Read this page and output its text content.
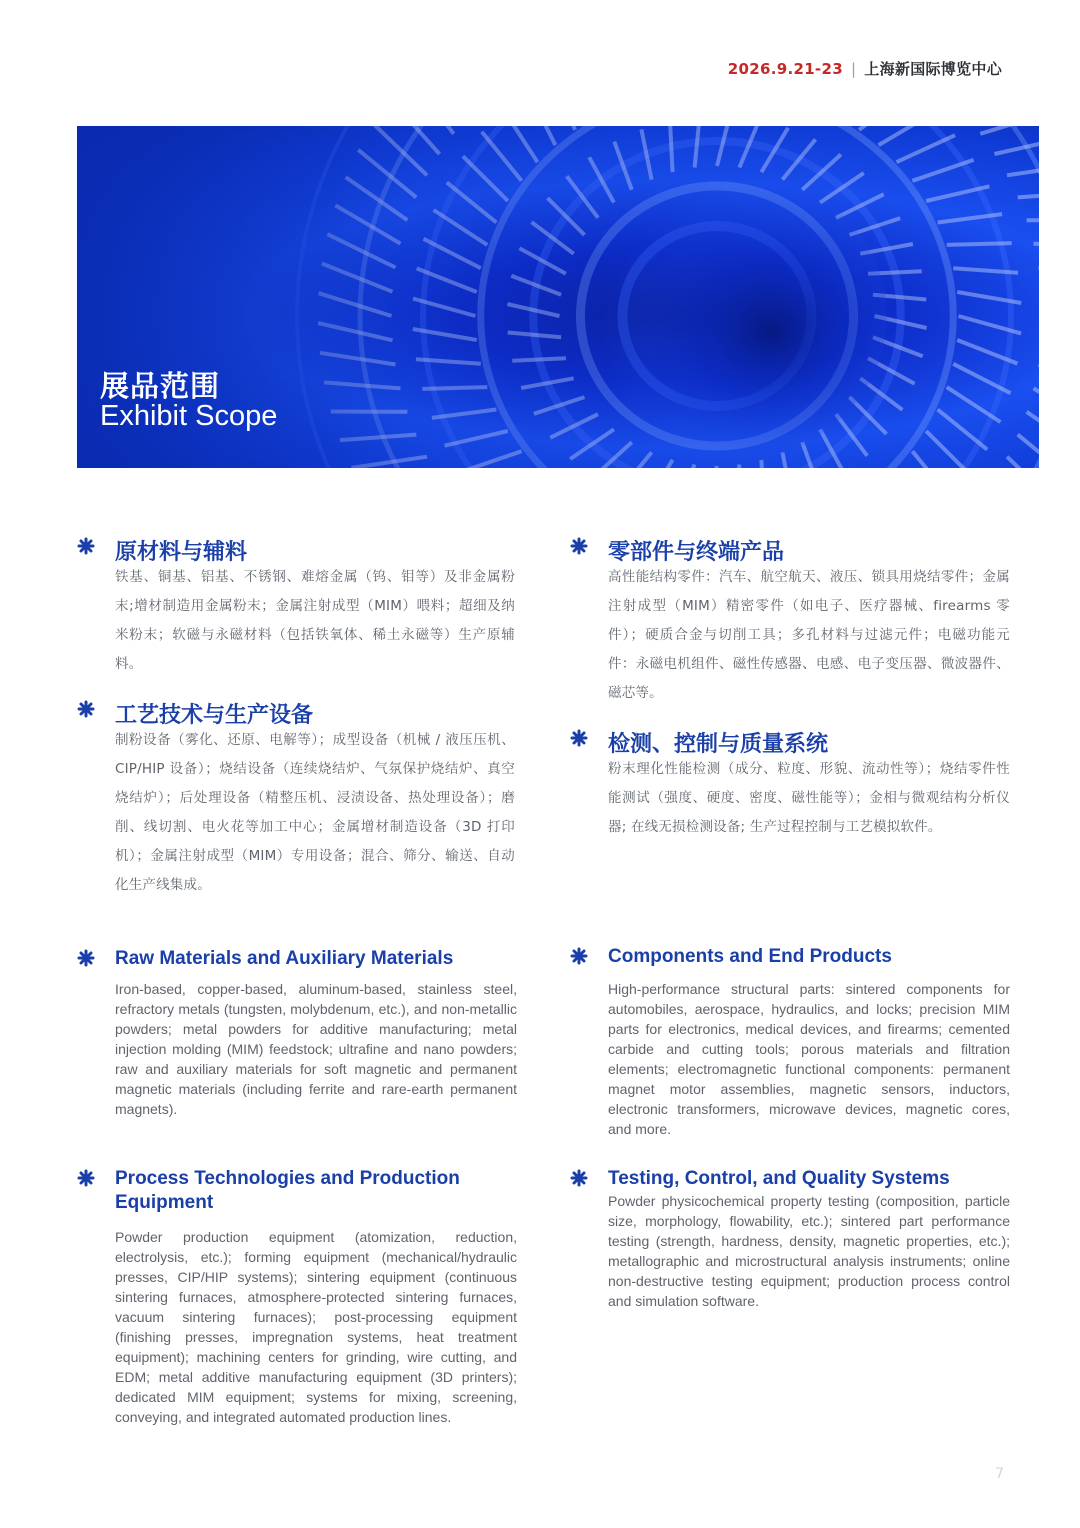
2026.9.21-23 | 上海新国际博览中心
展品范围
Exhibit Scope
原材料与辅料
铁基、铜基、铝基、不锈钢、难熔金属（钨、钼等）及非金属粉末;增材制造用金属粉末；金属注射成型（MIM）喂料；超细及纳米粉末；软磁与永磁材料（包括铁氧体、稀土永磁等）生产原辅料。
工艺技术与生产设备
制粉设备（雾化、还原、电解等）；成型设备（机械 / 液压压机、CIP/HIP 设备）；烧结设备（连续烧结炉、气氛保护烧结炉、真空烧结炉）；后处理设备（精整压机、浸渍设备、热处理设备）；磨削、线切割、电火花等加工中心；金属增材制造设备（3D 打印机）；金属注射成型（MIM）专用设备；混合、筛分、输送、自动化生产线集成。
零部件与终端产品
高性能结构零件：汽车、航空航天、液压、锁具用烧结零件；金属注射成型（MIM）精密零件（如电子、医疗器械、firearms 零件）；硬质合金与切削工具；多孔材料与过滤元件；电磁功能元件：永磁电机组件、磁性传感器、电感、电子变压器、微波器件、磁芯等。
检测、控制与质量系统
粉末理化性能检测（成分、粒度、形貌、流动性等）；烧结零件性能测试（强度、硬度、密度、磁性能等）；金相与微观结构分析仪器; 在线无损检测设备; 生产过程控制与工艺模拟软件。
Raw Materials and Auxiliary Materials
Iron-based, copper-based, aluminum-based, stainless steel, refractory metals (tungsten, molybdenum, etc.), and non-metallic powders; metal powders for additive manufacturing; metal injection molding (MIM) feedstock; ultrafine and nano powders; raw and auxiliary materials for soft magnetic and permanent magnetic materials (including ferrite and rare-earth permanent magnets).
Components and End Products
High-performance structural parts: sintered components for automobiles, aerospace, hydraulics, and locks; precision MIM parts for electronics, medical devices, and firearms; cemented carbide and cutting tools; porous materials and filtration elements; electromagnetic functional components: permanent magnet motor assemblies, magnetic sensors, inductors, electronic transformers, microwave devices, magnetic cores, and more.
Process Technologies and Production Equipment
Powder production equipment (atomization, reduction, electrolysis, etc.); forming equipment (mechanical/hydraulic presses, CIP/HIP systems); sintering equipment (continuous sintering furnaces, atmosphere-protected sintering furnaces, vacuum sintering furnaces); post-processing equipment (finishing presses, impregnation systems, heat treatment equipment); machining centers for grinding, wire cutting, and EDM; metal additive manufacturing equipment (3D printers); dedicated MIM equipment; systems for mixing, screening, conveying, and integrated automated production lines.
Testing, Control, and Quality Systems
Powder physicochemical property testing (composition, particle size, morphology, flowability, etc.); sintered part performance testing (strength, hardness, density, magnetic properties, etc.); metallographic and microstructural analysis instruments; online non-destructive testing equipment; production process control and simulation software.
7
